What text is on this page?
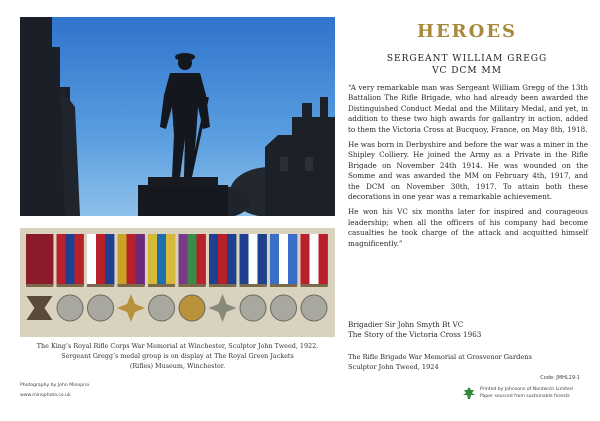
The King’s Royal Rifle Corps War Memorial at Winchester, Sculptor John Tweed, 1922.
Sergeant Gregg’s medal group is on display at The Royal Green Jackets
(Rifles) Museum, Winchester.
Photography by John Minoprio
www.minophoto.co.uk
HEROES
SERGEANT WILLIAM GREGG
VC DCM MM

“A very remarkable man was Sergeant William Gregg of the 13th Battalion The Rifle Brigade, who had already been awarded the Distinguished Conduct Medal and the Military Medal, and yet, in addition to these two high awards for gallantry in action, added to them the Victoria Cross at Bucquoy, France, on May 8th, 1918.

He was born in Derbyshire and before the war was a miner in the Shipley Colliery. He joined the Army as a Private in the Rifle Brigade on November 24th 1914. He was wounded on the Somme and was awarded the MM on February 4th, 1917, and the DCM on November 30th, 1917. To attain both these decorations in one year was a remarkable achievement.

He won his VC six months later for inspired and courageous leadership; when all the officers of his company had become casualties he took charge of the attack and acquitted himself magnificently.”

Brigadier Sir John Smyth Bt VC
The Story of the Victoria Cross 1963
The Rifle Brigade War Memorial at Grosvenor Gardens
Sculptor John Tweed, 1924
Code: JMHL19-1
Printed by Johnsons of Nantwich Limited
Paper sourced from sustainable forests
